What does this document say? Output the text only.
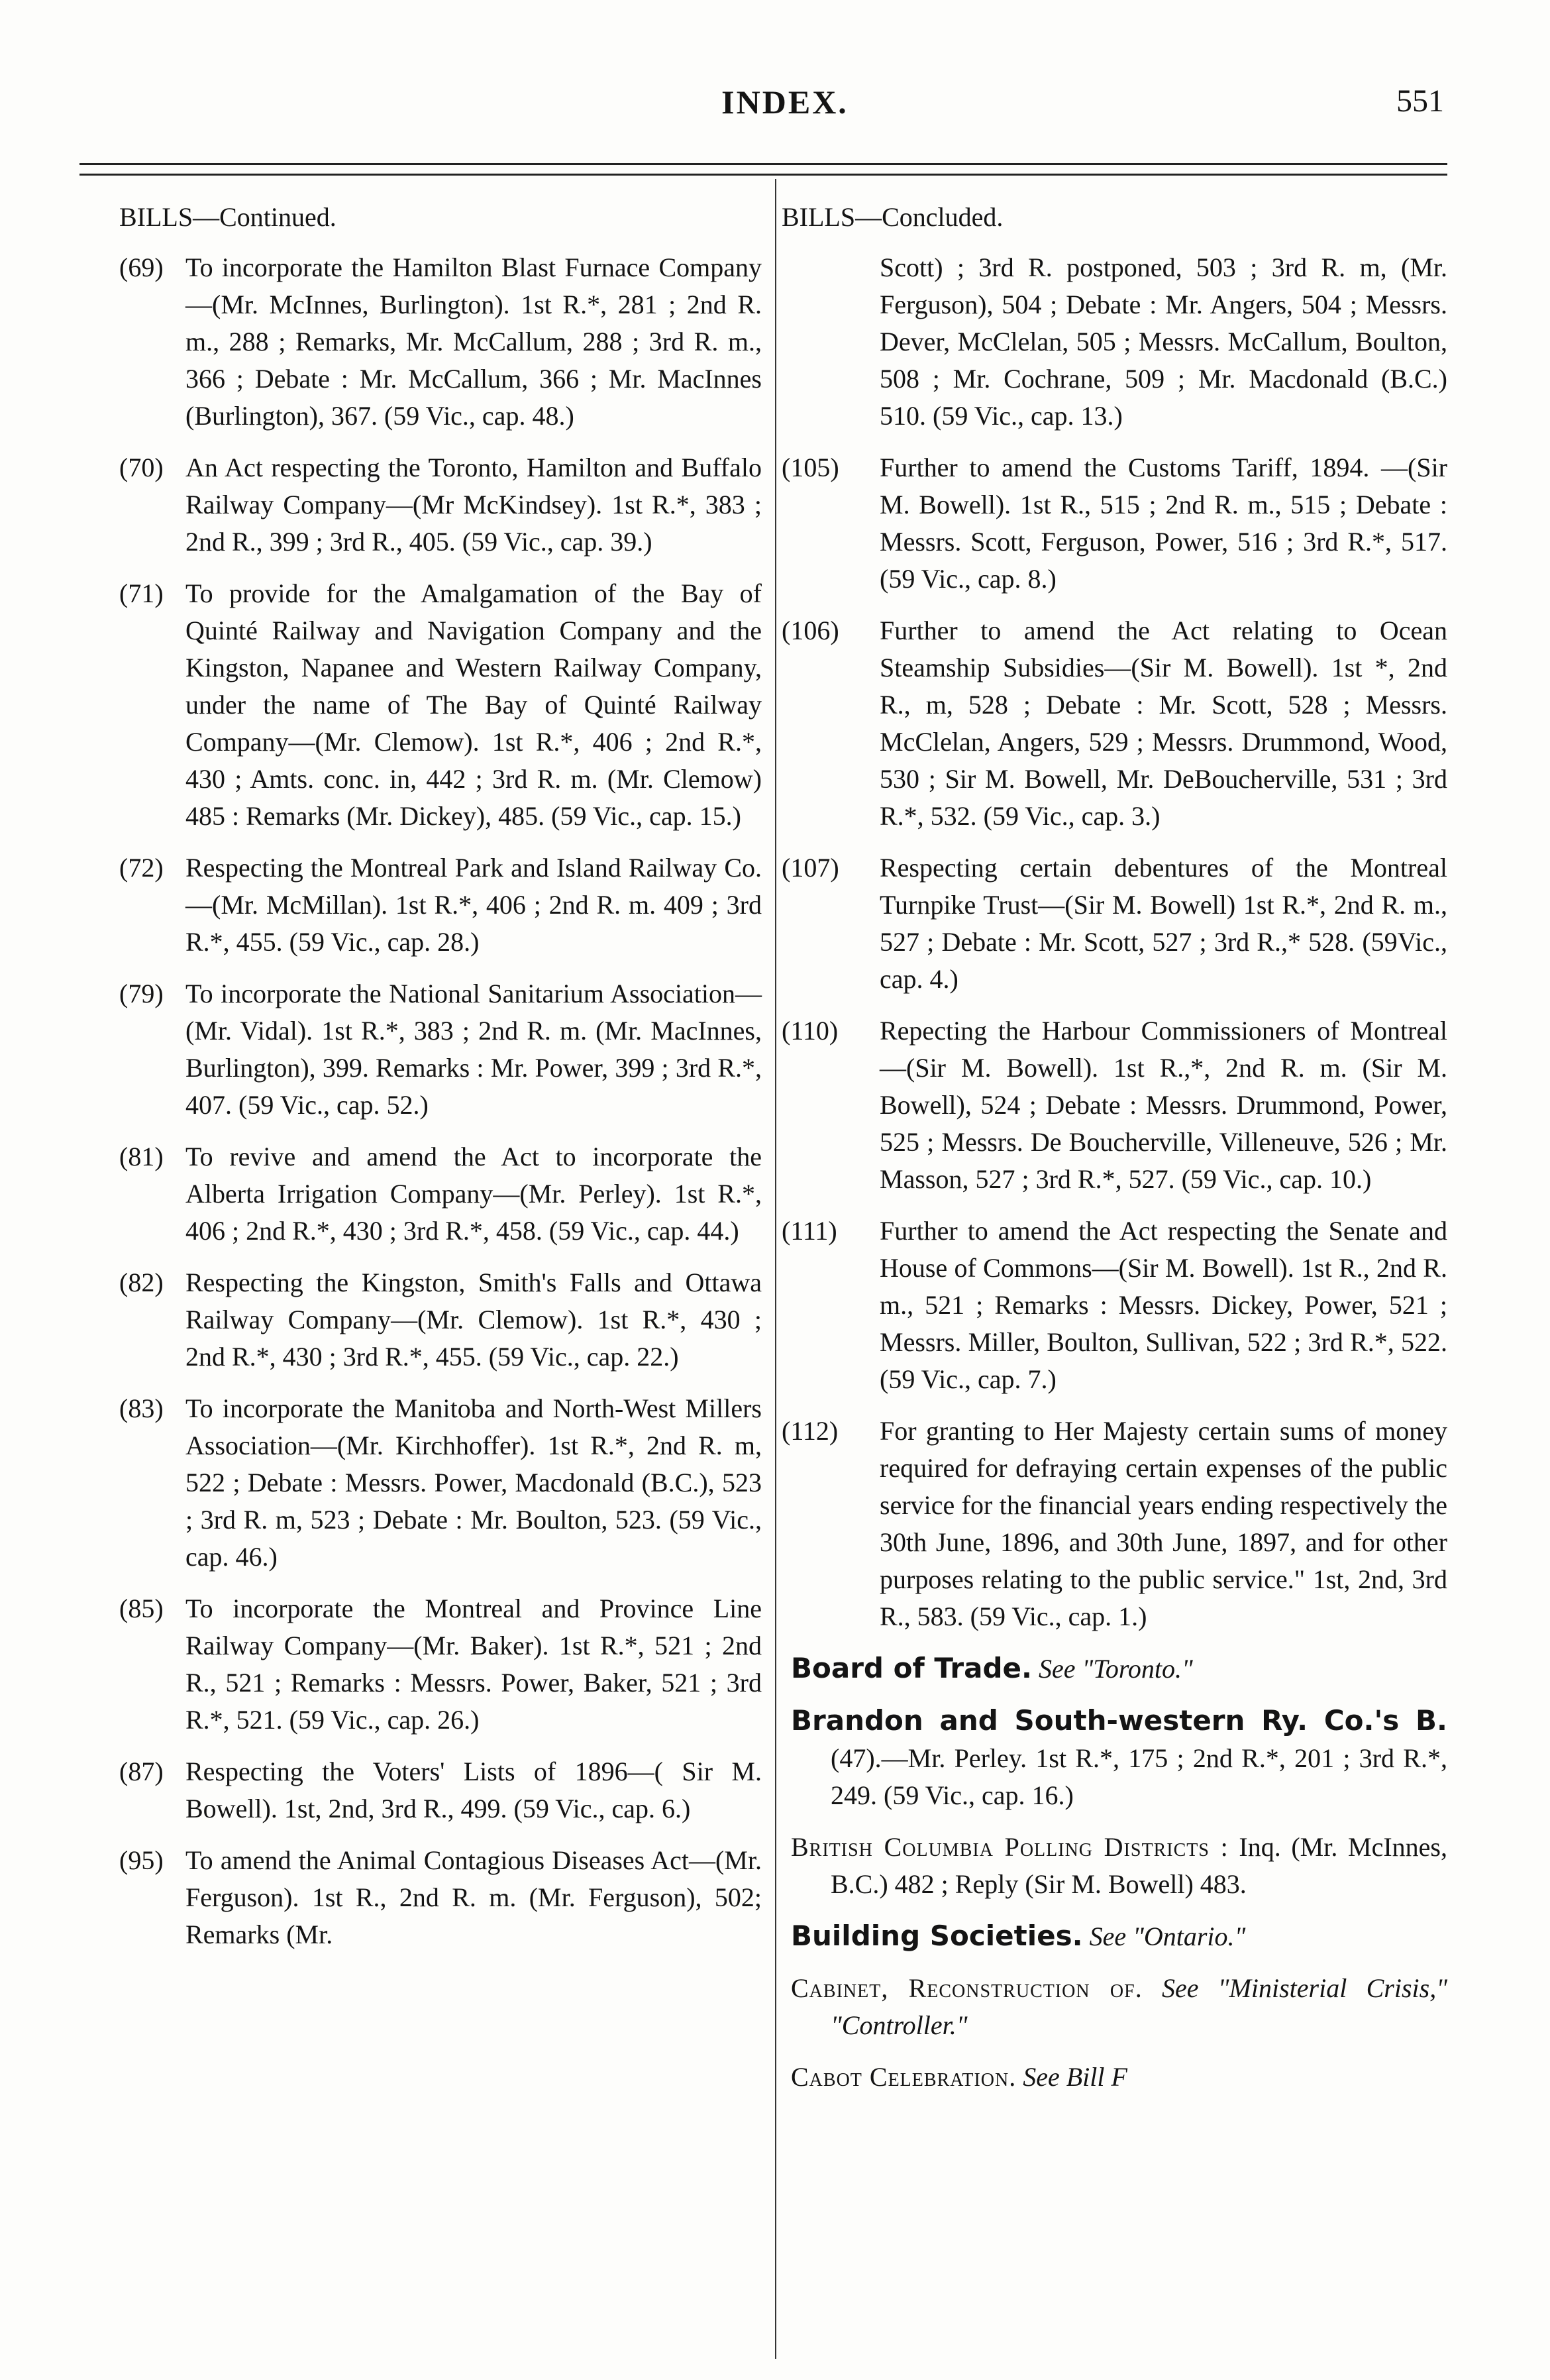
INDEX.	551
BILLS—Continued.
(69) To incorporate the Hamilton Blast Furnace Company—(Mr. McInnes, Burlington). 1st R.*, 281 ; 2nd R. m., 288 ; Remarks, Mr. McCallum, 288 ; 3rd R. m., 366 ; Debate : Mr. McCallum, 366 ; Mr. MacInnes (Burlington), 367. (59 Vic., cap. 48.)
(70) An Act respecting the Toronto, Hamilton and Buffalo Railway Company—(Mr McKindsey). 1st R.*, 383 ; 2nd R., 399 ; 3rd R., 405. (59 Vic., cap. 39.)
(71) To provide for the Amalgamation of the Bay of Quinté Railway and Navigation Company and the Kingston, Napanee and Western Railway Company, under the name of The Bay of Quinté Railway Company—(Mr. Clemow). 1st R.*, 406 ; 2nd R.*, 430 ; Amts. conc. in, 442 ; 3rd R. m. (Mr. Clemow) 485 : Remarks (Mr. Dickey), 485. (59 Vic., cap. 15.)
(72) Respecting the Montreal Park and Island Railway Co.—(Mr. McMillan). 1st R.*, 406 ; 2nd R. m. 409 ; 3rd R.*, 455. (59 Vic., cap. 28.)
(79) To incorporate the National Sanitarium Association—(Mr. Vidal). 1st R.*, 383 ; 2nd R. m. (Mr. MacInnes, Burlington), 399. Remarks : Mr. Power, 399 ; 3rd R.*, 407. (59 Vic., cap. 52.)
(81) To revive and amend the Act to incorporate the Alberta Irrigation Company—(Mr. Perley). 1st R.*, 406 ; 2nd R.*, 430 ; 3rd R.*, 458. (59 Vic., cap. 44.)
(82) Respecting the Kingston, Smith's Falls and Ottawa Railway Company—(Mr. Clemow). 1st R.*, 430 ; 2nd R.*, 430 ; 3rd R.*, 455. (59 Vic., cap. 22.)
(83) To incorporate the Manitoba and North-West Millers Association—(Mr. Kirchhoffer). 1st R.*, 2nd R. m, 522 ; Debate : Messrs. Power, Macdonald (B.C.), 523 ; 3rd R. m, 523 ; Debate : Mr. Boulton, 523. (59 Vic., cap. 46.)
(85) To incorporate the Montreal and Province Line Railway Company—(Mr. Baker). 1st R.*, 521 ; 2nd R., 521 ; Remarks : Messrs. Power, Baker, 521 ; 3rd R.*, 521. (59 Vic., cap. 26.)
(87) Respecting the Voters' Lists of 1896—( Sir M. Bowell). 1st, 2nd, 3rd R., 499. (59 Vic., cap. 6.)
(95) To amend the Animal Contagious Diseases Act—(Mr. Ferguson). 1st R., 2nd R. m. (Mr. Ferguson), 502; Remarks (Mr.
BILLS—Concluded.
Scott) ; 3rd R. postponed, 503 ; 3rd R. m, (Mr. Ferguson), 504 ; Debate : Mr. Angers, 504 ; Messrs. Dever, McClelan, 505 ; Messrs. McCallum, Boulton, 508 ; Mr. Cochrane, 509 ; Mr. Macdonald (B.C.) 510. (59 Vic., cap. 13.)
(105) Further to amend the Customs Tariff, 1894. —(Sir M. Bowell). 1st R., 515 ; 2nd R. m., 515 ; Debate : Messrs. Scott, Ferguson, Power, 516 ; 3rd R.*, 517. (59 Vic., cap. 8.)
(106) Further to amend the Act relating to Ocean Steamship Subsidies—(Sir M. Bowell). 1st *, 2nd R., m, 528 ; Debate : Mr. Scott, 528 ; Messrs. McClelan, Angers, 529 ; Messrs. Drummond, Wood, 530 ; Sir M. Bowell, Mr. DeBoucherville, 531 ; 3rd R.*, 532. (59 Vic., cap. 3.)
(107) Respecting certain debentures of the Montreal Turnpike Trust—(Sir M. Bowell) 1st R.*, 2nd R. m., 527 ; Debate : Mr. Scott, 527 ; 3rd R.,* 528. (59Vic., cap. 4.)
(110) Repecting the Harbour Commissioners of Montreal—(Sir M. Bowell). 1st R.,*, 2nd R. m. (Sir M. Bowell), 524 ; Debate : Messrs. Drummond, Power, 525 ; Messrs. De Boucherville, Villeneuve, 526 ; Mr. Masson, 527 ; 3rd R.*, 527. (59 Vic., cap. 10.)
(111) Further to amend the Act respecting the Senate and House of Commons—(Sir M. Bowell). 1st R., 2nd R. m., 521 ; Remarks : Messrs. Dickey, Power, 521 ; Messrs. Miller, Boulton, Sullivan, 522 ; 3rd R.*, 522. (59 Vic., cap. 7.)
(112) For granting to Her Majesty certain sums of money required for defraying certain expenses of the public service for the financial years ending respectively the 30th June, 1896, and 30th June, 1897, and for other purposes relating to the public service." 1st, 2nd, 3rd R., 583. (59 Vic., cap. 1.)
Board of Trade. See "Toronto."
Brandon and South-western Ry. Co.'s B. (47).—Mr. Perley. 1st R.*, 175 ; 2nd R.*, 201 ; 3rd R.*, 249. (59 Vic., cap. 16.)
British Columbia Polling Districts : Inq. (Mr. McInnes, B.C.) 482 ; Reply (Sir M. Bowell) 483.
Building Societies. See "Ontario."
Cabinet, Reconstruction of. See "Ministerial Crisis," "Controller."
Cabot Celebration. See Bill F
